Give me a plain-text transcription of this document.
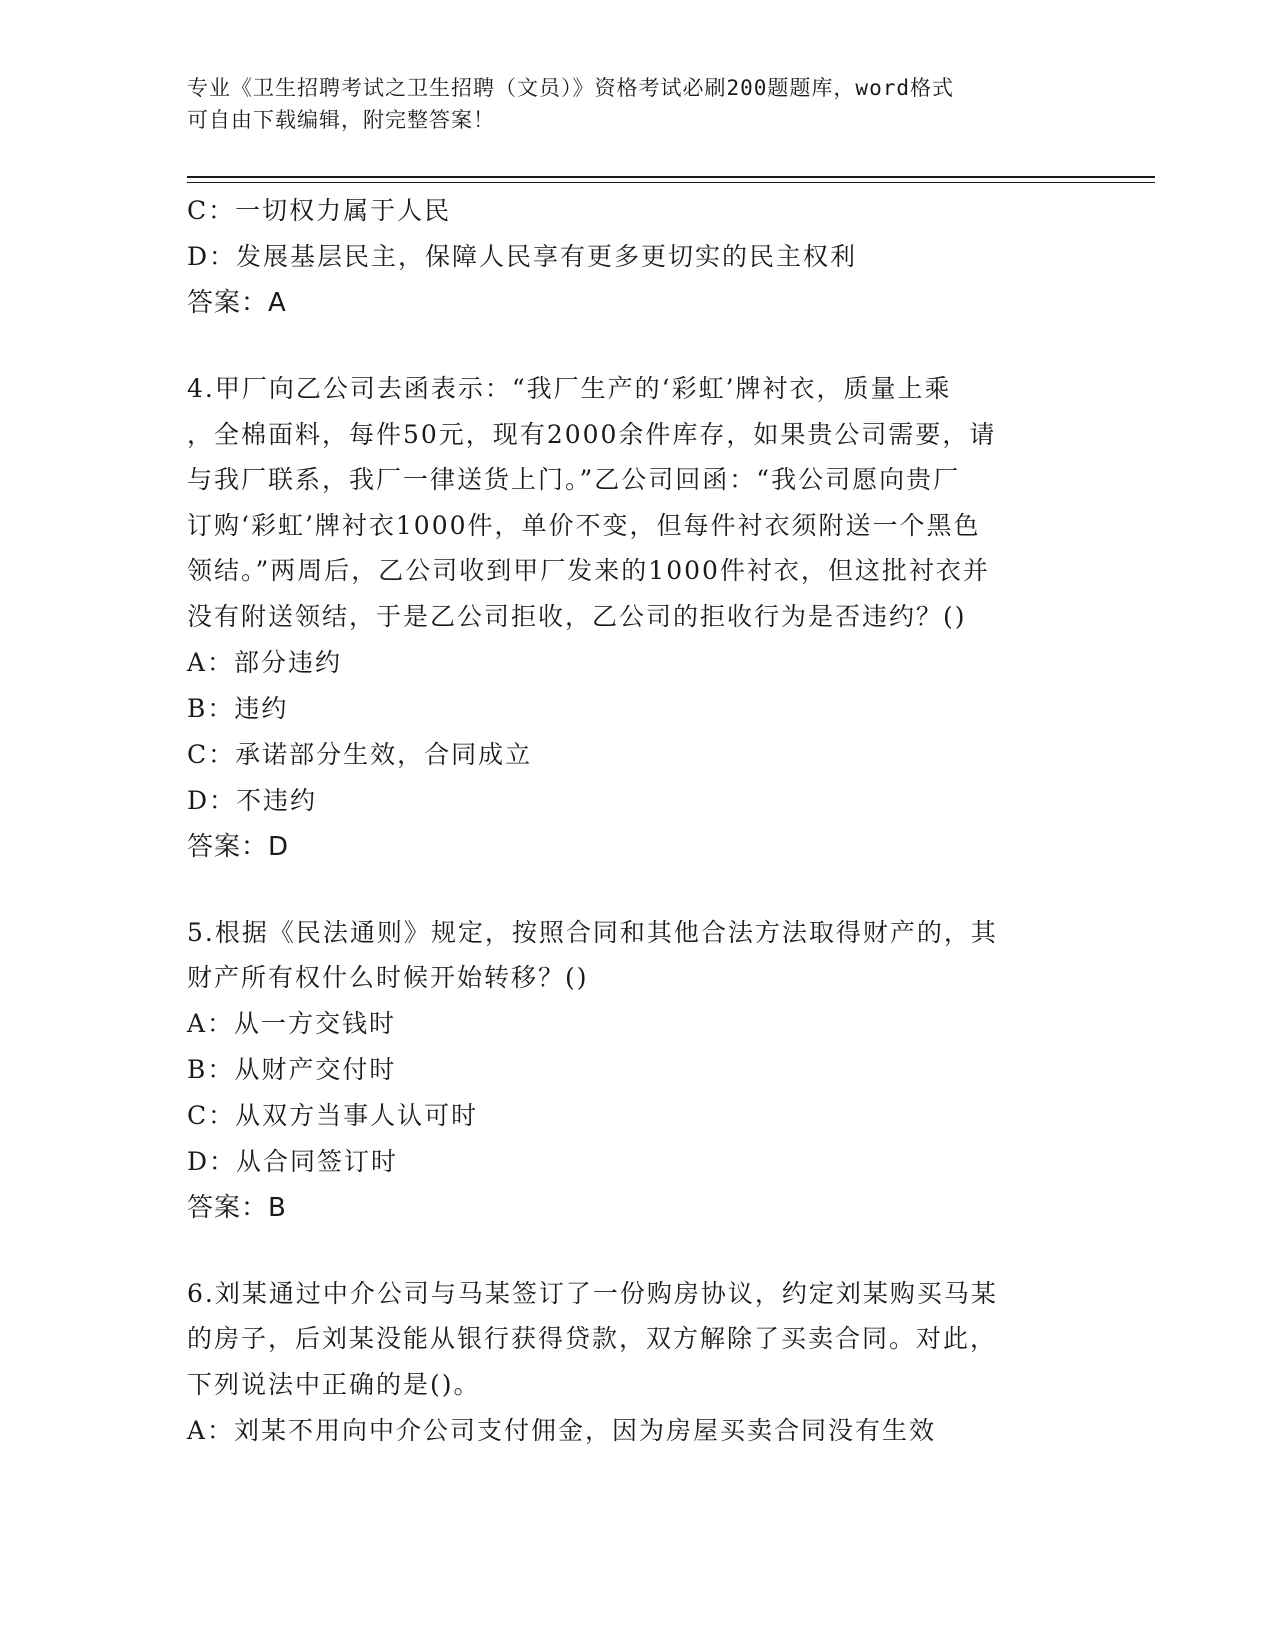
专业《卫生招聘考试之卫生招聘（文员）》资格考试必刷200题题库，word格式
可自由下载编辑，附完整答案！
C：一切权力属于人民
D：发展基层民主，保障人民享有更多更切实的民主权利
答案：A
4.甲厂向乙公司去函表示：“我厂生产的‘彩虹’牌衬衣，质量上乘
，全棉面料，每件50元，现有2000余件库存，如果贵公司需要，请
与我厂联系，我厂一律送货上门。”乙公司回函：“我公司愿向贵厂
订购‘彩虹’牌衬衣1000件，单价不变，但每件衬衣须附送一个黑色
领结。”两周后，乙公司收到甲厂发来的1000件衬衣，但这批衬衣并
没有附送领结，于是乙公司拒收，乙公司的拒收行为是否违约？()
A：部分违约
B：违约
C：承诺部分生效，合同成立
D：不违约
答案：D
5.根据《民法通则》规定，按照合同和其他合法方法取得财产的，其
财产所有权什么时候开始转移？()
A：从一方交钱时
B：从财产交付时
C：从双方当事人认可时
D：从合同签订时
答案：B
6.刘某通过中介公司与马某签订了一份购房协议，约定刘某购买马某
的房子，后刘某没能从银行获得贷款，双方解除了买卖合同。对此，
下列说法中正确的是()。
A：刘某不用向中介公司支付佣金，因为房屋买卖合同没有生效
